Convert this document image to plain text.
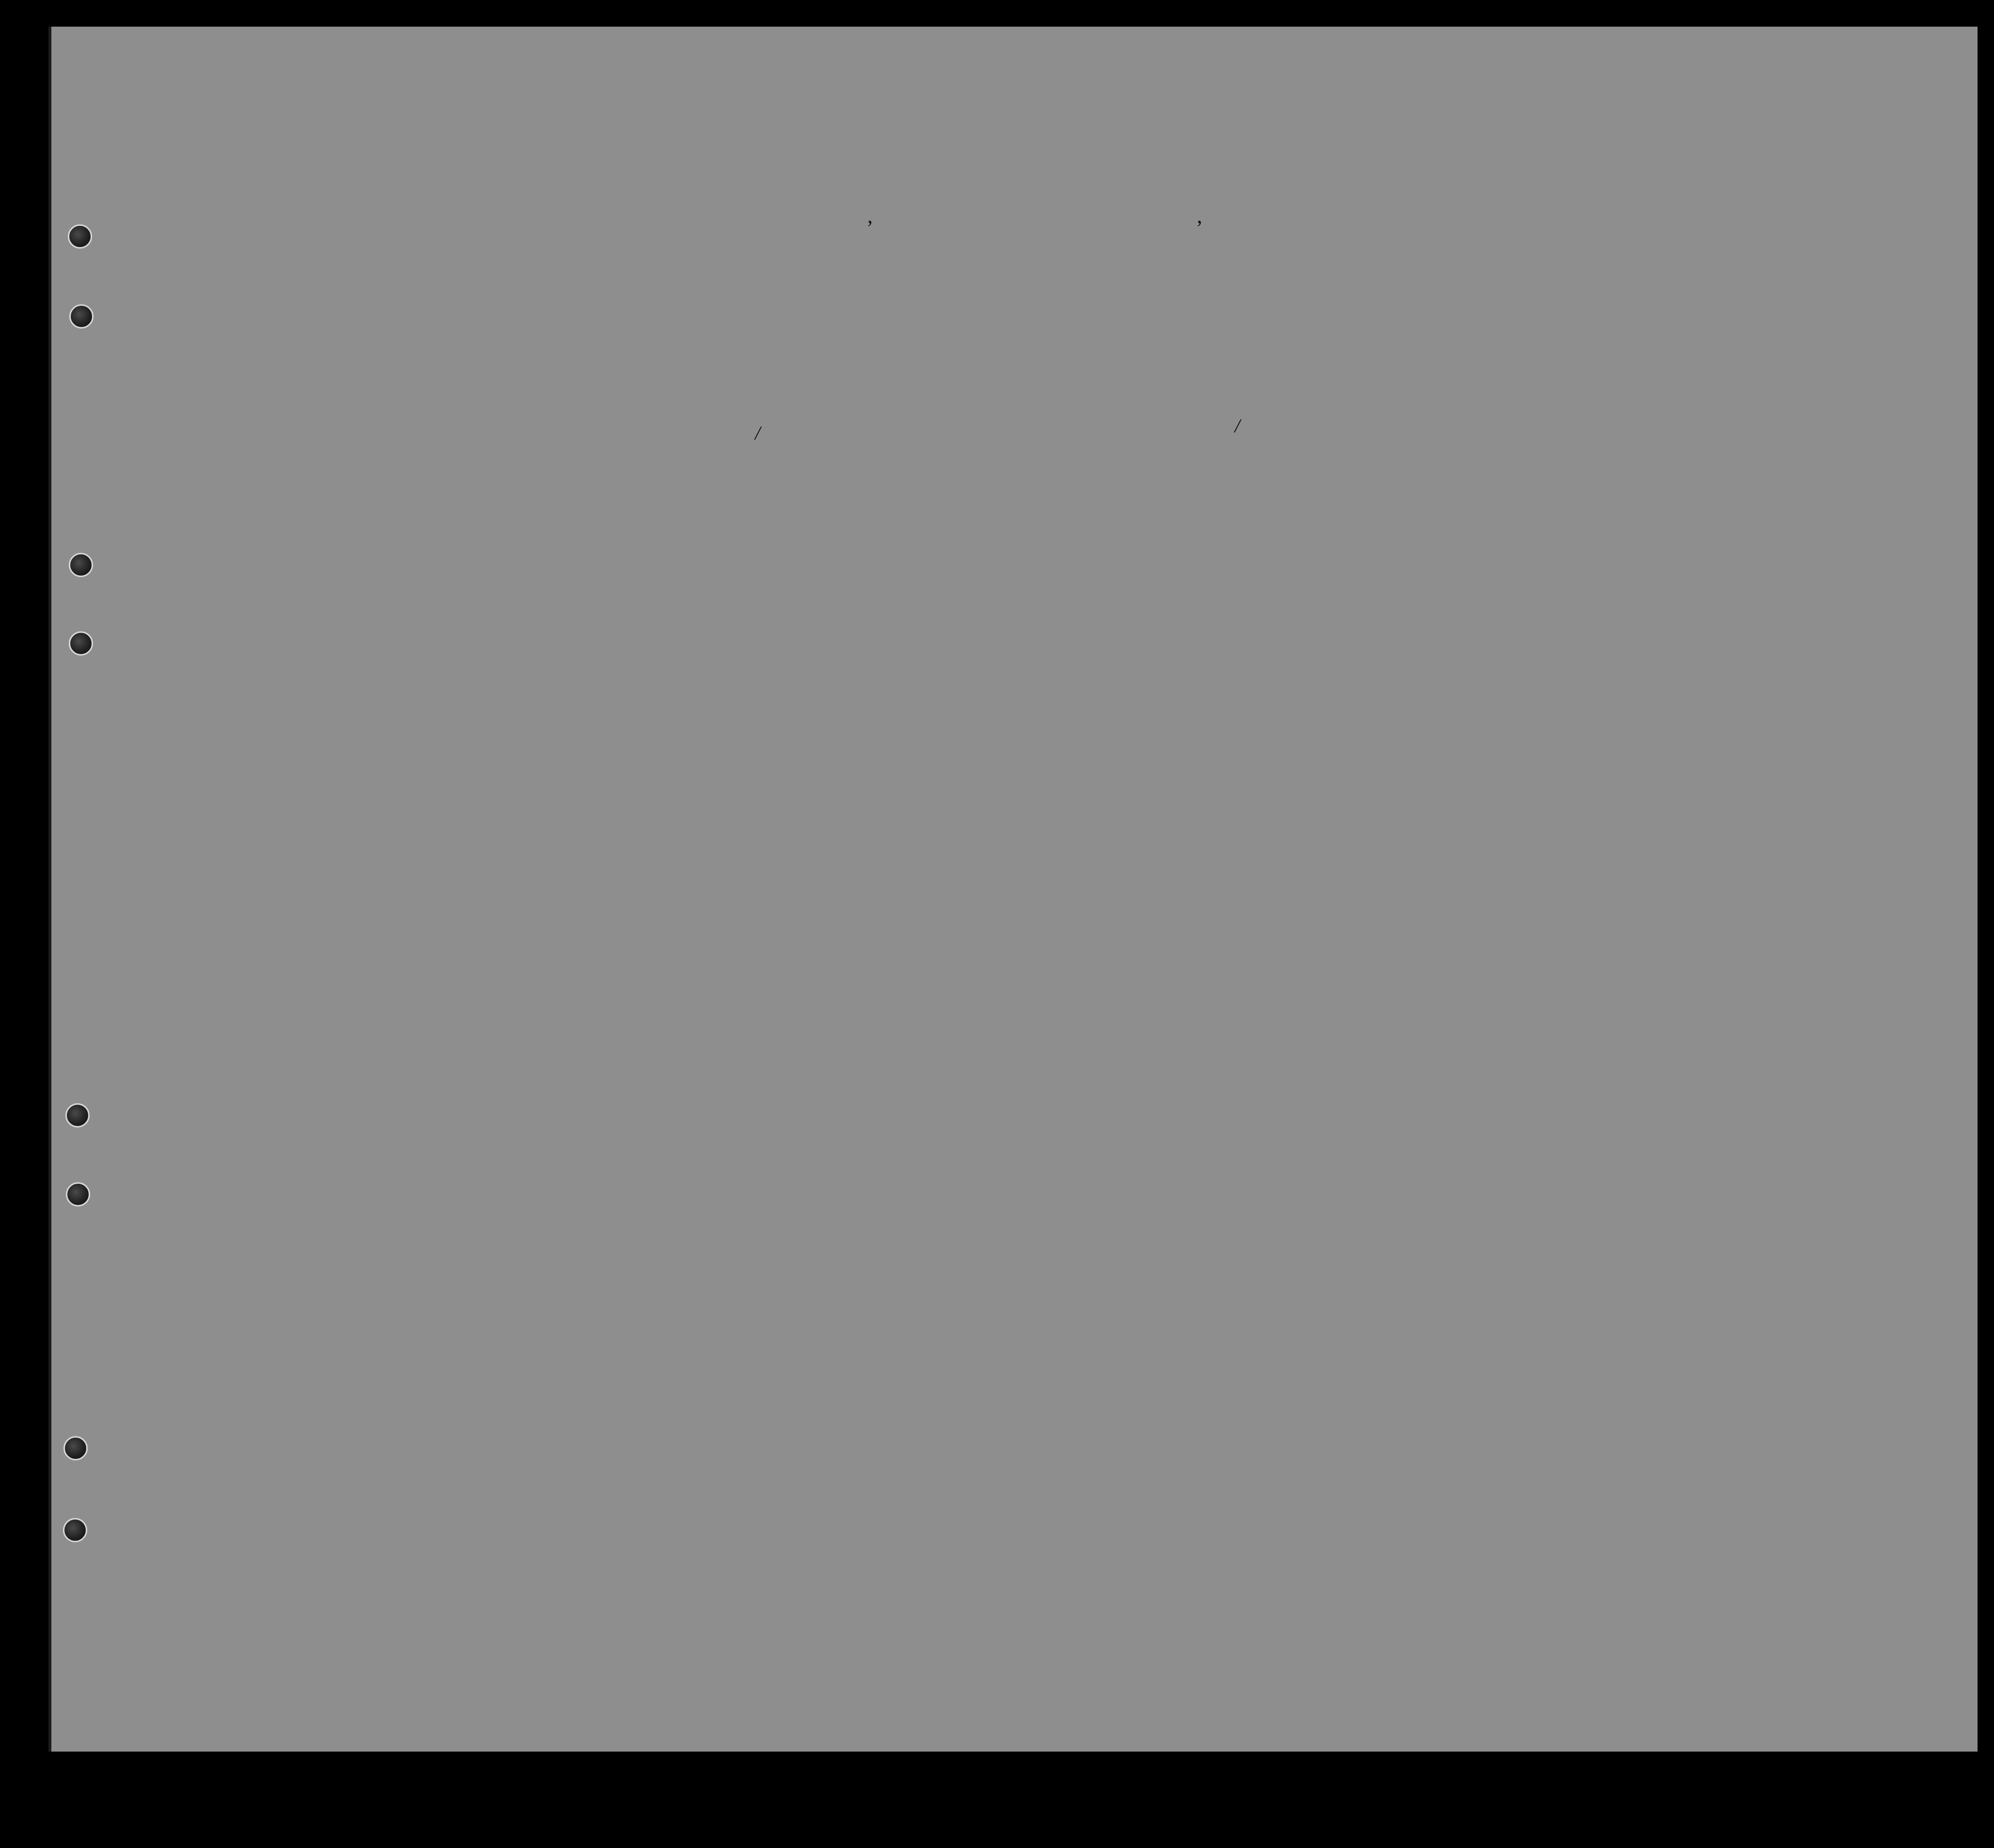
,	,
/	/
